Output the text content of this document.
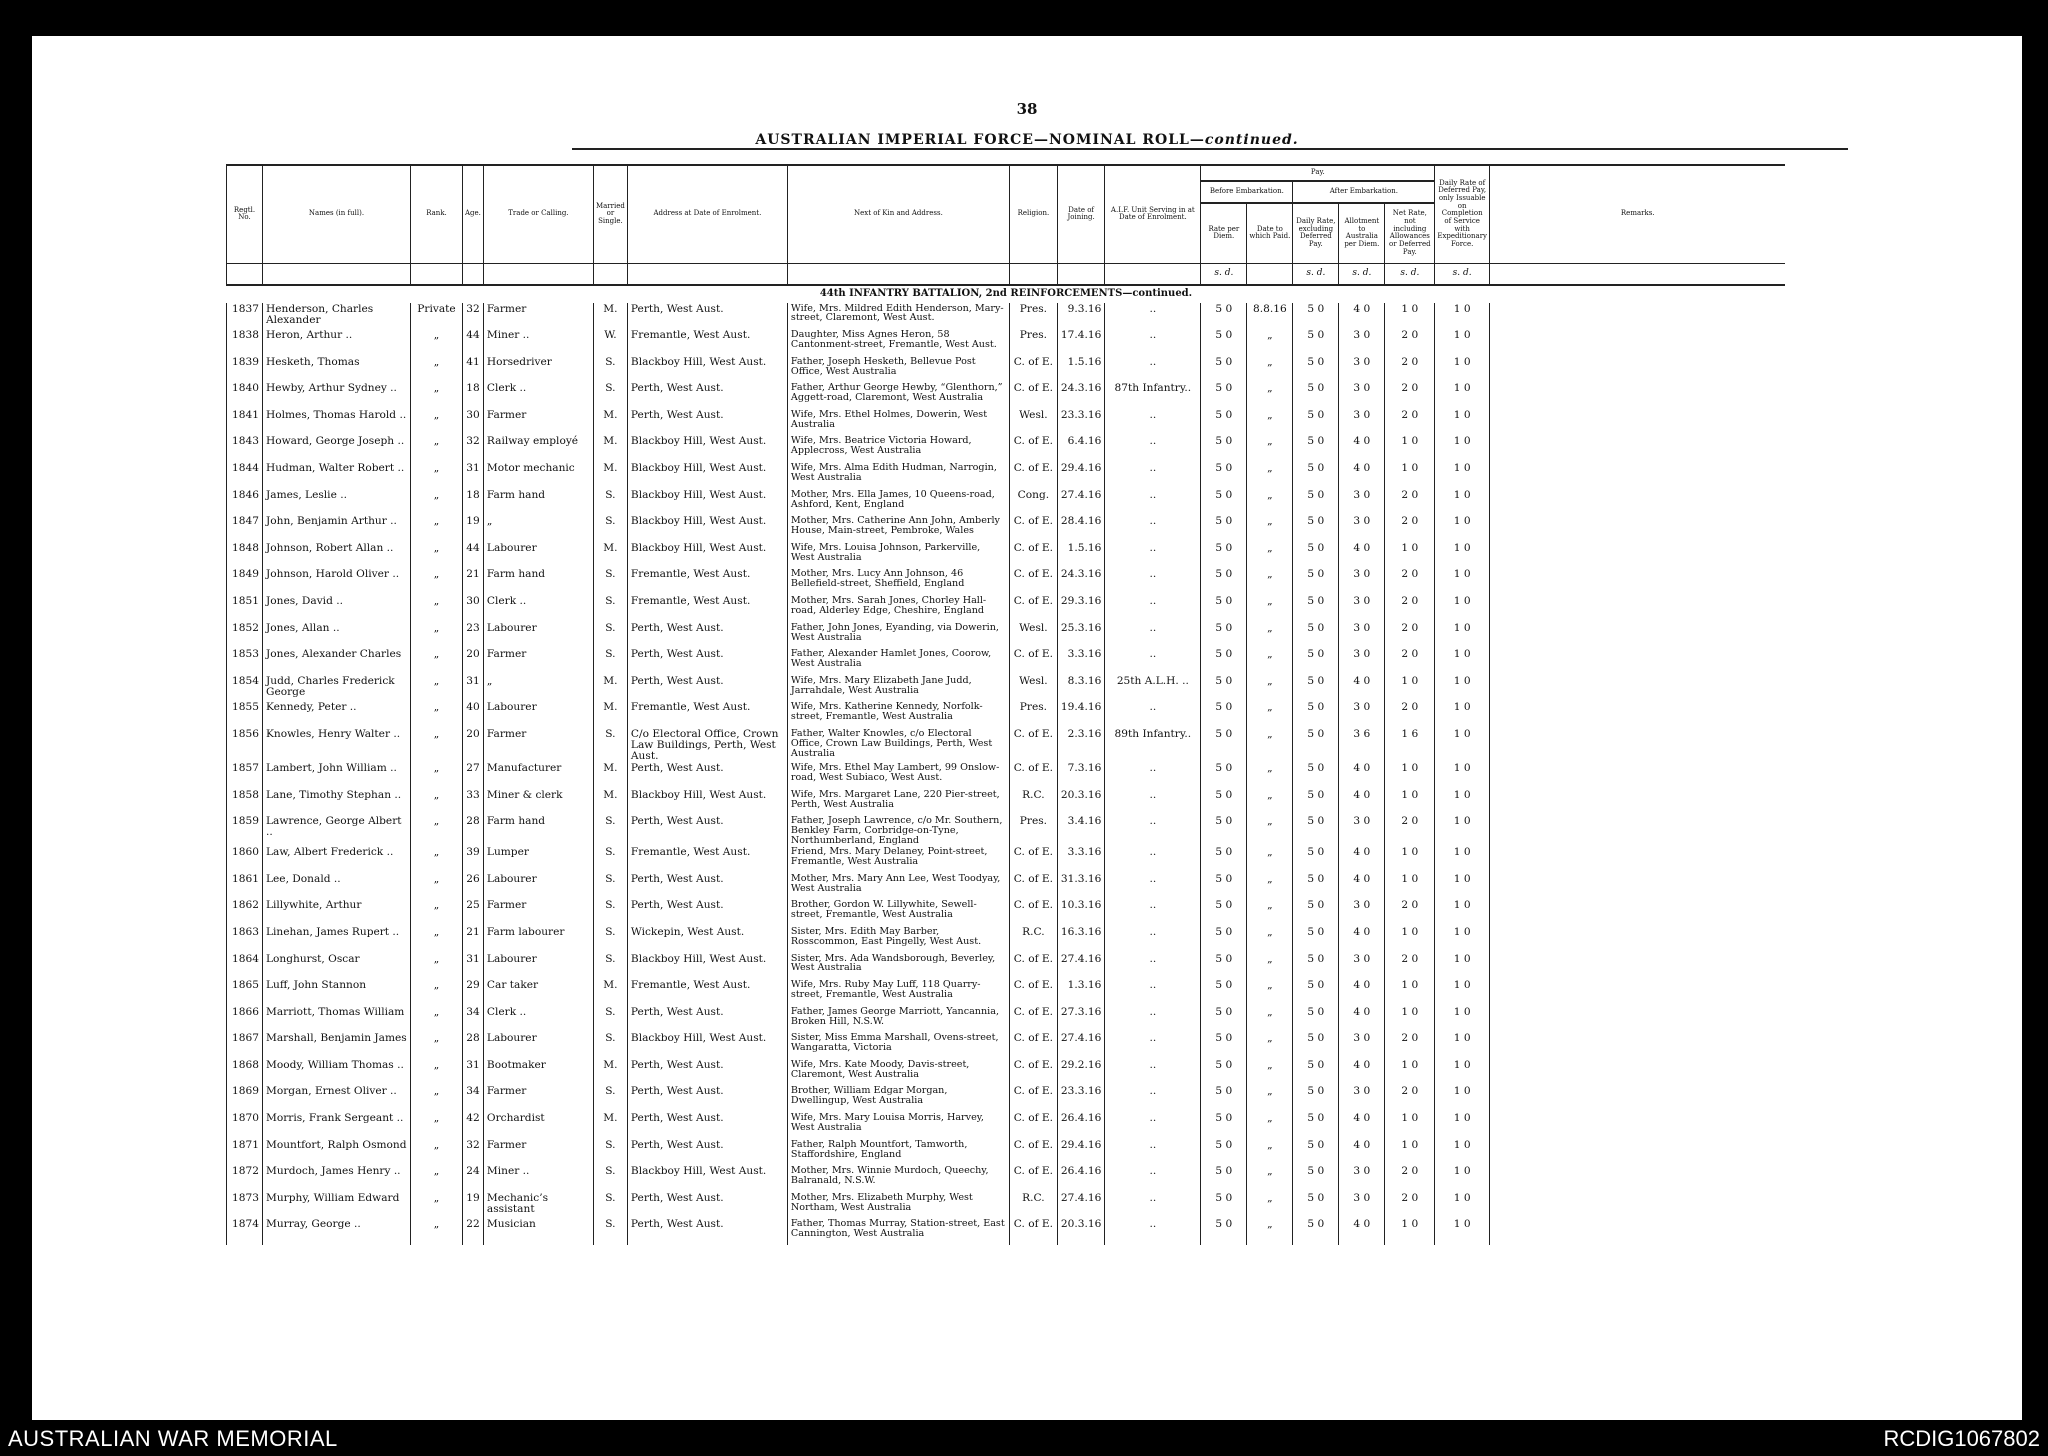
38
AUSTRALIAN IMPERIAL FORCE—NOMINAL ROLL—continued.
Regtl. No.	Names (in full).	Rank.	Age.	Trade or Calling.	Married or Single.	Address at Date of Enrolment.	Next of Kin and Address.	Religion.	Date of Joining.	A.I.F. Unit Serving in at Date of Enrolment.	Pay.					Daily Rate of Deferred Pay, only Issuable on Completion of Service with Expeditionary Force.	Remarks.
											Before Embarkation.		After Embarkation.				
											Rate per Diem.	Date to which Paid.	Daily Rate, excluding Deferred Pay.	Allotment to Australia per Diem.	Net Rate, not including Allowances or Deferred Pay.		
											s. d.		s. d.	s. d.	s. d.	s. d.	
44th INFANTRY BATTALION, 2nd REINFORCEMENTS—continued.																	
1837	Henderson, Charles Alexander	Private	32	Farmer	M.	Perth, West Aust.	Wife, Mrs. Mildred Edith Henderson, Mary-street, Claremont, West Aust.	Pres.	9.3.16	..	5 0	8.8.16	5 0	4 0	1 0	1 0	
1838	Heron, Arthur ..	„	44	Miner ..	W.	Fremantle, West Aust.	Daughter, Miss Agnes Heron, 58 Cantonment-street, Fremantle, West Aust.	Pres.	17.4.16	..	5 0	„	5 0	3 0	2 0	1 0	
1839	Hesketh, Thomas	„	41	Horsedriver	S.	Blackboy Hill, West Aust.	Father, Joseph Hesketh, Bellevue Post Office, West Australia	C. of E.	1.5.16	..	5 0	„	5 0	3 0	2 0	1 0	
1840	Hewby, Arthur Sydney ..	„	18	Clerk ..	S.	Perth, West Aust.	Father, Arthur George Hewby, “Glenthorn,” Aggett-road, Claremont, West Australia	C. of E.	24.3.16	87th Infantry..	5 0	„	5 0	3 0	2 0	1 0	
1841	Holmes, Thomas Harold ..	„	30	Farmer	M.	Perth, West Aust.	Wife, Mrs. Ethel Holmes, Dowerin, West Australia	Wesl.	23.3.16	..	5 0	„	5 0	3 0	2 0	1 0	
1843	Howard, George Joseph ..	„	32	Railway employé	M.	Blackboy Hill, West Aust.	Wife, Mrs. Beatrice Victoria Howard, Applecross, West Australia	C. of E.	6.4.16	..	5 0	„	5 0	4 0	1 0	1 0	
1844	Hudman, Walter Robert ..	„	31	Motor mechanic	M.	Blackboy Hill, West Aust.	Wife, Mrs. Alma Edith Hudman, Narrogin, West Australia	C. of E.	29.4.16	..	5 0	„	5 0	4 0	1 0	1 0	
1846	James, Leslie ..	„	18	Farm hand	S.	Blackboy Hill, West Aust.	Mother, Mrs. Ella James, 10 Queens-road, Ashford, Kent, England	Cong.	27.4.16	..	5 0	„	5 0	3 0	2 0	1 0	
1847	John, Benjamin Arthur ..	„	19	„	S.	Blackboy Hill, West Aust.	Mother, Mrs. Catherine Ann John, Amberly House, Main-street, Pembroke, Wales	C. of E.	28.4.16	..	5 0	„	5 0	3 0	2 0	1 0	
1848	Johnson, Robert Allan ..	„	44	Labourer	M.	Blackboy Hill, West Aust.	Wife, Mrs. Louisa Johnson, Parkerville, West Australia	C. of E.	1.5.16	..	5 0	„	5 0	4 0	1 0	1 0	
1849	Johnson, Harold Oliver ..	„	21	Farm hand	S.	Fremantle, West Aust.	Mother, Mrs. Lucy Ann Johnson, 46 Bellefield-street, Sheffield, England	C. of E.	24.3.16	..	5 0	„	5 0	3 0	2 0	1 0	
1851	Jones, David ..	„	30	Clerk ..	S.	Fremantle, West Aust.	Mother, Mrs. Sarah Jones, Chorley Hall-road, Alderley Edge, Cheshire, England	C. of E.	29.3.16	..	5 0	„	5 0	3 0	2 0	1 0	
1852	Jones, Allan ..	„	23	Labourer	S.	Perth, West Aust.	Father, John Jones, Eyanding, via Dowerin, West Australia	Wesl.	25.3.16	..	5 0	„	5 0	3 0	2 0	1 0	
1853	Jones, Alexander Charles	„	20	Farmer	S.	Perth, West Aust.	Father, Alexander Hamlet Jones, Coorow, West Australia	C. of E.	3.3.16	..	5 0	„	5 0	3 0	2 0	1 0	
1854	Judd, Charles Frederick George	„	31	„	M.	Perth, West Aust.	Wife, Mrs. Mary Elizabeth Jane Judd, Jarrahdale, West Australia	Wesl.	8.3.16	25th A.L.H. ..	5 0	„	5 0	4 0	1 0	1 0	
1855	Kennedy, Peter ..	„	40	Labourer	M.	Fremantle, West Aust.	Wife, Mrs. Katherine Kennedy, Norfolk-street, Fremantle, West Australia	Pres.	19.4.16	..	5 0	„	5 0	3 0	2 0	1 0	
1856	Knowles, Henry Walter ..	„	20	Farmer	S.	C/o Electoral Office, Crown Law Buildings, Perth, West Aust.	Father, Walter Knowles, c/o Electoral Office, Crown Law Buildings, Perth, West Australia	C. of E.	2.3.16	89th Infantry..	5 0	„	5 0	3 6	1 6	1 0	
1857	Lambert, John William ..	„	27	Manufacturer	M.	Perth, West Aust.	Wife, Mrs. Ethel May Lambert, 99 Onslow-road, West Subiaco, West Aust.	C. of E.	7.3.16	..	5 0	„	5 0	4 0	1 0	1 0	
1858	Lane, Timothy Stephan ..	„	33	Miner & clerk	M.	Blackboy Hill, West Aust.	Wife, Mrs. Margaret Lane, 220 Pier-street, Perth, West Australia	R.C.	20.3.16	..	5 0	„	5 0	4 0	1 0	1 0	
1859	Lawrence, George Albert ..	„	28	Farm hand	S.	Perth, West Aust.	Father, Joseph Lawrence, c/o Mr. Southern, Benkley Farm, Corbridge-on-Tyne, Northumberland, England	Pres.	3.4.16	..	5 0	„	5 0	3 0	2 0	1 0	
1860	Law, Albert Frederick ..	„	39	Lumper	S.	Fremantle, West Aust.	Friend, Mrs. Mary Delaney, Point-street, Fremantle, West Australia	C. of E.	3.3.16	..	5 0	„	5 0	4 0	1 0	1 0	
1861	Lee, Donald ..	„	26	Labourer	S.	Perth, West Aust.	Mother, Mrs. Mary Ann Lee, West Toodyay, West Australia	C. of E.	31.3.16	..	5 0	„	5 0	4 0	1 0	1 0	
1862	Lillywhite, Arthur	„	25	Farmer	S.	Perth, West Aust.	Brother, Gordon W. Lillywhite, Sewell-street, Fremantle, West Australia	C. of E.	10.3.16	..	5 0	„	5 0	3 0	2 0	1 0	
1863	Linehan, James Rupert ..	„	21	Farm labourer	S.	Wickepin, West Aust.	Sister, Mrs. Edith May Barber, Rosscommon, East Pingelly, West Aust.	R.C.	16.3.16	..	5 0	„	5 0	4 0	1 0	1 0	
1864	Longhurst, Oscar	„	31	Labourer	S.	Blackboy Hill, West Aust.	Sister, Mrs. Ada Wandsborough, Beverley, West Australia	C. of E.	27.4.16	..	5 0	„	5 0	3 0	2 0	1 0	
1865	Luff, John Stannon	„	29	Car taker	M.	Fremantle, West Aust.	Wife, Mrs. Ruby May Luff, 118 Quarry-street, Fremantle, West Australia	C. of E.	1.3.16	..	5 0	„	5 0	4 0	1 0	1 0	
1866	Marriott, Thomas William	„	34	Clerk ..	S.	Perth, West Aust.	Father, James George Marriott, Yancannia, Broken Hill, N.S.W.	C. of E.	27.3.16	..	5 0	„	5 0	4 0	1 0	1 0	
1867	Marshall, Benjamin James	„	28	Labourer	S.	Blackboy Hill, West Aust.	Sister, Miss Emma Marshall, Ovens-street, Wangaratta, Victoria	C. of E.	27.4.16	..	5 0	„	5 0	3 0	2 0	1 0	
1868	Moody, William Thomas ..	„	31	Bootmaker	M.	Perth, West Aust.	Wife, Mrs. Kate Moody, Davis-street, Claremont, West Australia	C. of E.	29.2.16	..	5 0	„	5 0	4 0	1 0	1 0	
1869	Morgan, Ernest Oliver ..	„	34	Farmer	S.	Perth, West Aust.	Brother, William Edgar Morgan, Dwellingup, West Australia	C. of E.	23.3.16	..	5 0	„	5 0	3 0	2 0	1 0	
1870	Morris, Frank Sergeant ..	„	42	Orchardist	M.	Perth, West Aust.	Wife, Mrs. Mary Louisa Morris, Harvey, West Australia	C. of E.	26.4.16	..	5 0	„	5 0	4 0	1 0	1 0	
1871	Mountfort, Ralph Osmond	„	32	Farmer	S.	Perth, West Aust.	Father, Ralph Mountfort, Tamworth, Staffordshire, England	C. of E.	29.4.16	..	5 0	„	5 0	4 0	1 0	1 0	
1872	Murdoch, James Henry ..	„	24	Miner ..	S.	Blackboy Hill, West Aust.	Mother, Mrs. Winnie Murdoch, Queechy, Balranald, N.S.W.	C. of E.	26.4.16	..	5 0	„	5 0	3 0	2 0	1 0	
1873	Murphy, William Edward	„	19	Mechanic’s assistant	S.	Perth, West Aust.	Mother, Mrs. Elizabeth Murphy, West Northam, West Australia	R.C.	27.4.16	..	5 0	„	5 0	3 0	2 0	1 0	
1874	Murray, George ..	„	22	Musician	S.	Perth, West Aust.	Father, Thomas Murray, Station-street, East Cannington, West Australia	C. of E.	20.3.16	..	5 0	„	5 0	4 0	1 0	1 0	
AUSTRALIAN WAR MEMORIAL	RCDIG1067802
